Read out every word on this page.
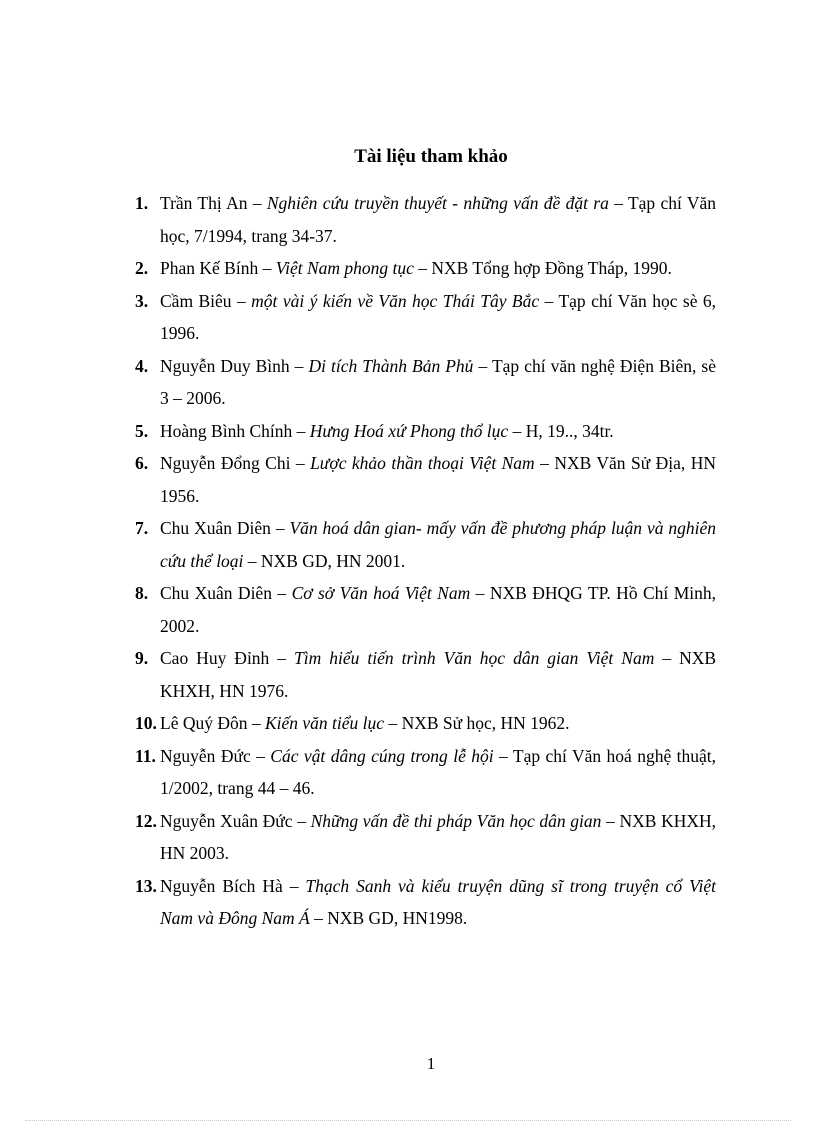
Tài liệu tham khảo
1. Trần Thị An – Nghiên cứu truyền thuyết - những vấn đề đặt ra – Tạp chí Văn học, 7/1994, trang 34-37.
2. Phan Kế Bính – Việt Nam phong tục – NXB Tổng hợp Đồng Tháp, 1990.
3. Cầm Biêu – một vài ý kiến về Văn học Thái Tây Bắc – Tạp chí Văn học sè 6, 1996.
4. Nguyễn Duy Bình – Di tích Thành Bản Phủ – Tạp chí văn nghệ Điện Biên, sè 3 – 2006.
5. Hoàng Bình Chính – Hưng Hoá xứ Phong thổ lục – H, 19.., 34tr.
6. Nguyễn Đổng Chi – Lược khảo thần thoại Việt Nam – NXB Văn Sử Địa, HN 1956.
7. Chu Xuân Diên – Văn hoá dân gian- mấy vấn đề phương pháp luận và nghiên cứu thể loại – NXB GD, HN 2001.
8. Chu Xuân Diên – Cơ sở Văn hoá Việt Nam – NXB ĐHQG TP. Hồ Chí Minh, 2002.
9. Cao Huy Đỉnh – Tìm hiểu tiến trình Văn học dân gian Việt Nam – NXB KHXH, HN 1976.
10. Lê Quý Đôn – Kiến văn tiểu lục – NXB Sử học, HN 1962.
11. Nguyễn Đức – Các vật dâng cúng trong lễ hội – Tạp chí Văn hoá nghệ thuật, 1/2002, trang 44 – 46.
12. Nguyễn Xuân Đức – Những vấn đề thi pháp Văn học dân gian – NXB KHXH, HN 2003.
13. Nguyễn Bích Hà – Thạch Sanh và kiểu truyện dũng sĩ trong truyện cổ Việt Nam và Đông Nam Á – NXB GD, HN1998.
1
